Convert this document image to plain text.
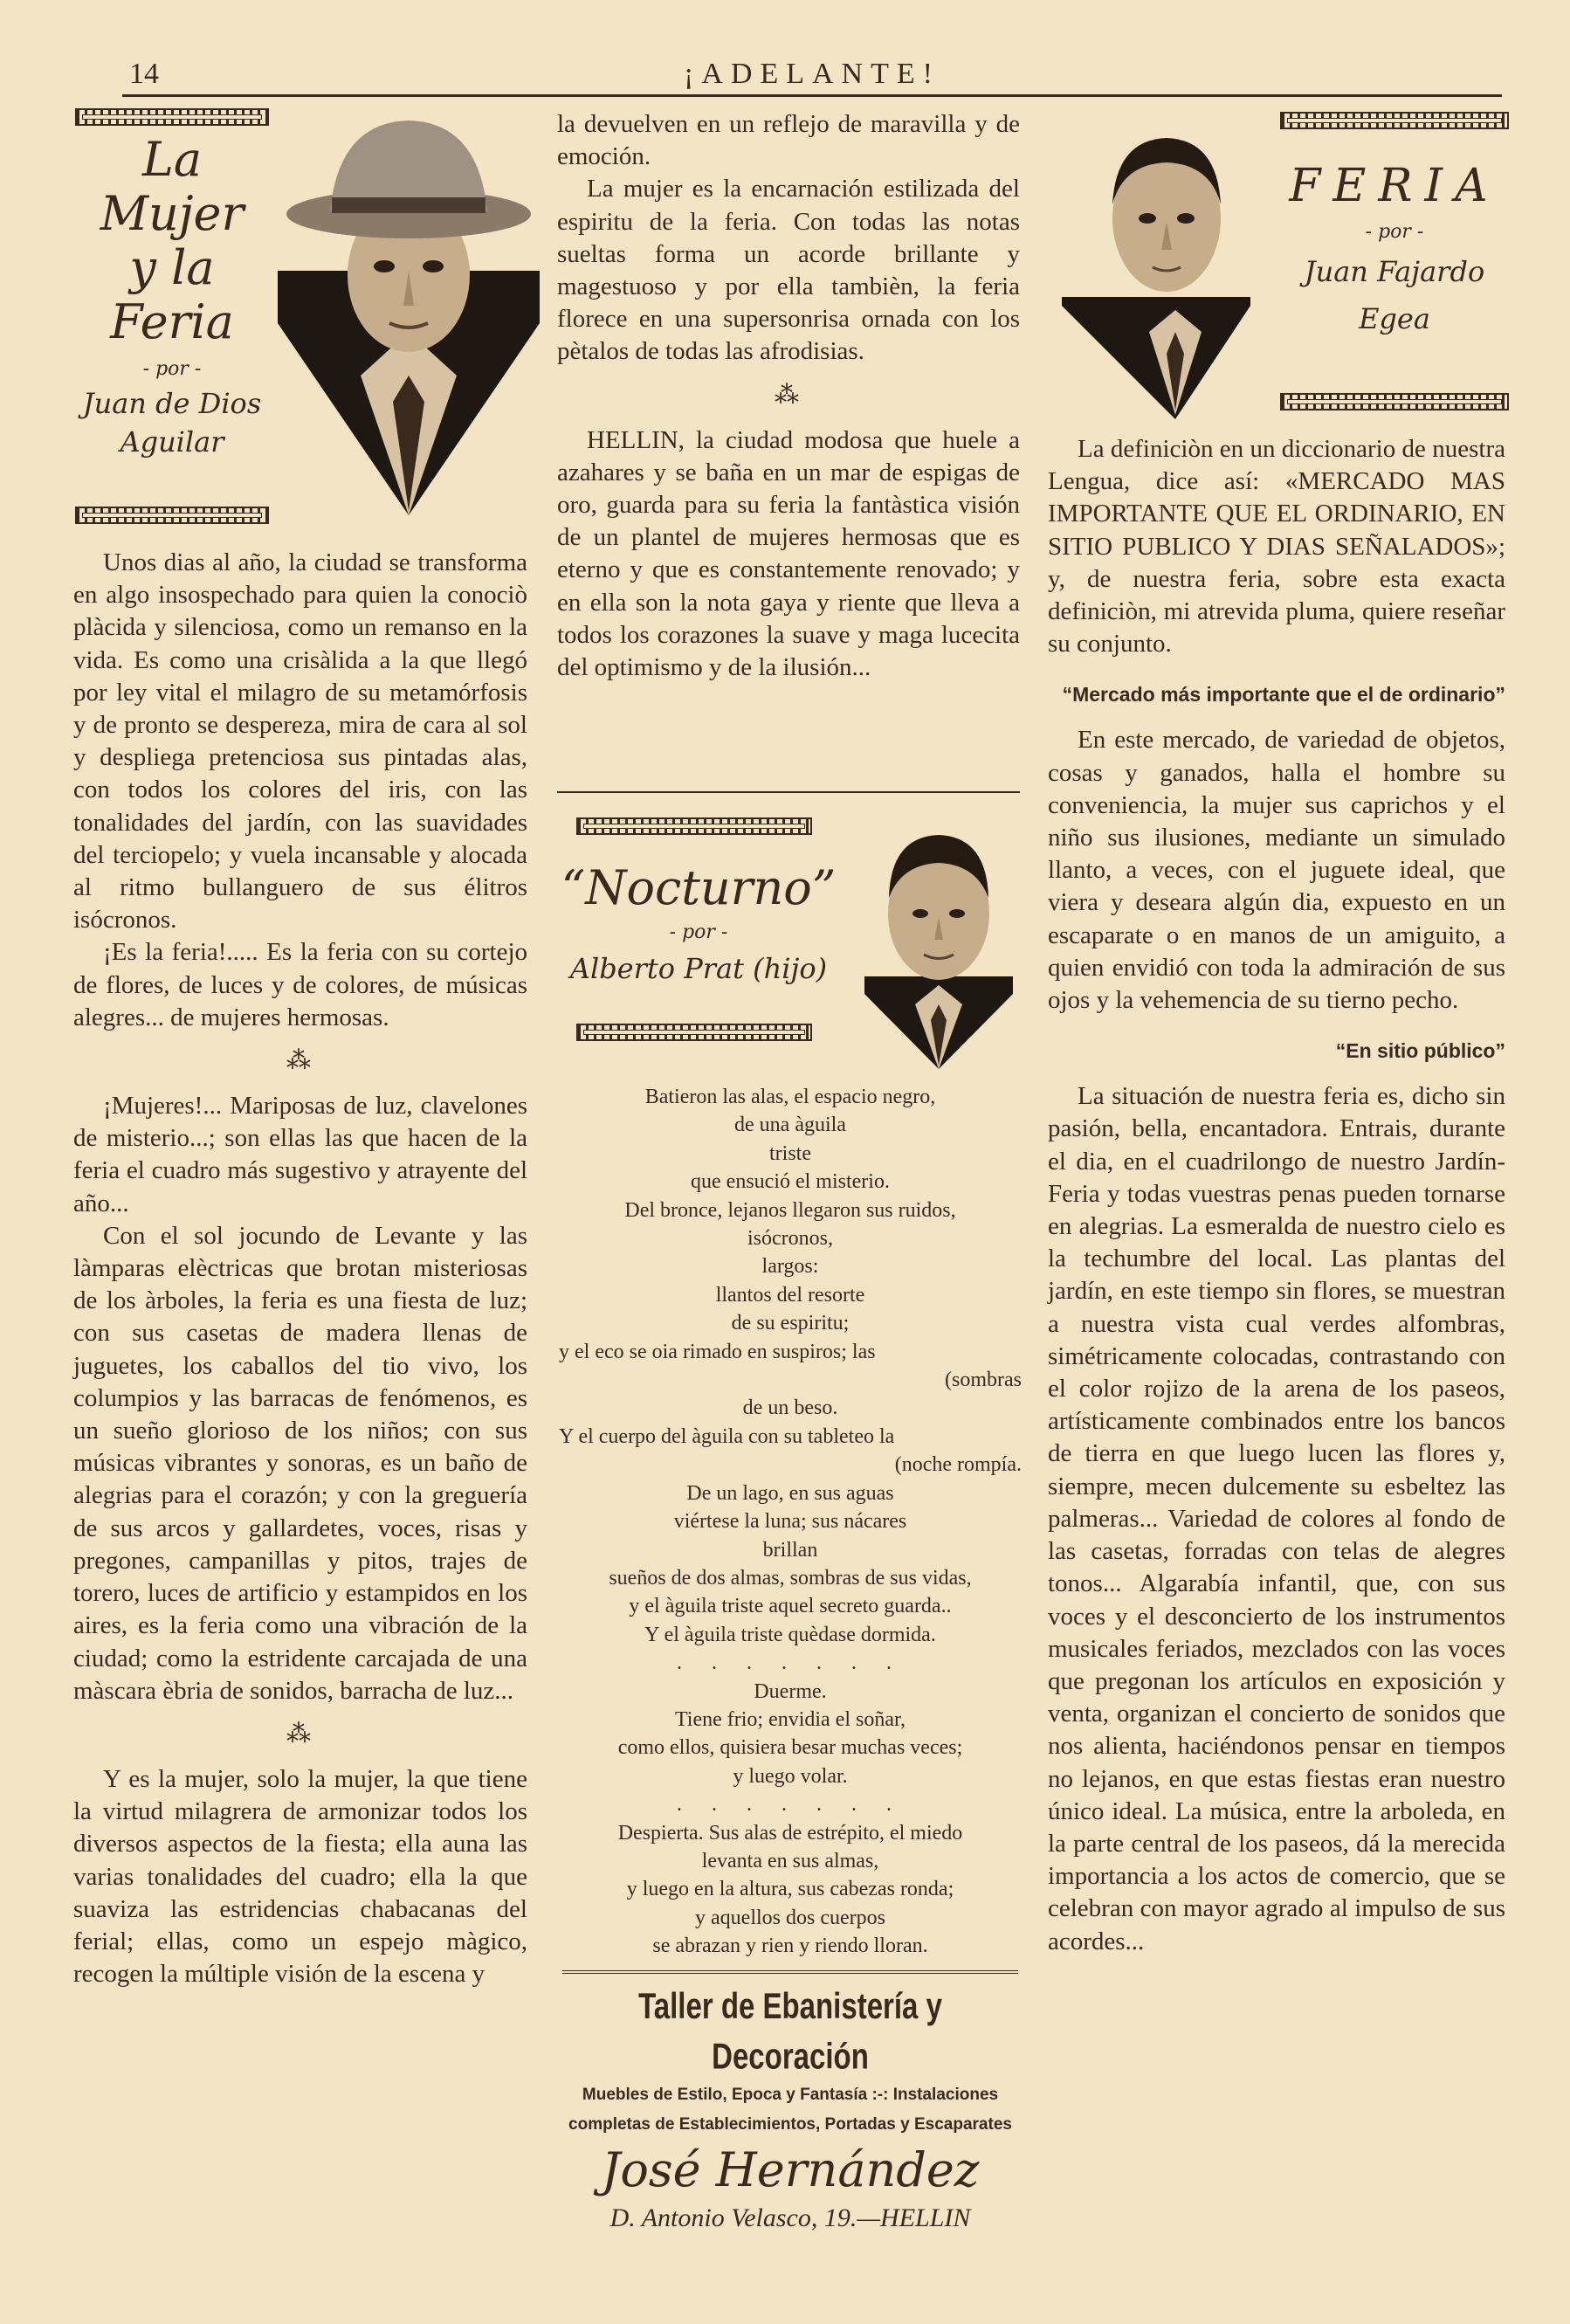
14	¡ADELANTE!
La
Mujer
y la
Feria
- por -
Juan de Dios
Aguilar

Unos dias al año, la ciudad se transforma en algo insospechado para quien la conociò plàcida y silenciosa, como un remanso en la vida. Es como una crisàlida a la que llegó por ley vital el milagro de su metamórfosis y de pronto se despereza, mira de cara al sol y despliega pretenciosa sus pintadas alas, con todos los colores del iris, con las tonalidades del jardín, con las suavidades del terciopelo; y vuela incansable y alocada al ritmo bullanguero de sus élitros isócronos.

¡Es la feria!..... Es la feria con su cortejo de flores, de luces y de colores, de músicas alegres... de mujeres hermosas.

⁂

¡Mujeres!... Mariposas de luz, clavelones de misterio...; son ellas las que hacen de la feria el cuadro más sugestivo y atrayente del año...

Con el sol jocundo de Levante y las làmparas elèctricas que brotan misteriosas de los àrboles, la feria es una fiesta de luz; con sus casetas de madera llenas de juguetes, los caballos del tio vivo, los columpios y las barracas de fenómenos, es un sueño glorioso de los niños; con sus músicas vibrantes y sonoras, es un baño de alegrias para el corazón; y con la greguería de sus arcos y gallardetes, voces, risas y pregones, campanillas y pitos, trajes de torero, luces de artificio y estampidos en los aires, es la feria como una vibración de la ciudad; como la estridente carcajada de una màscara èbria de sonidos, barracha de luz...

⁂

Y es la mujer, solo la mujer, la que tiene la virtud milagrera de armonizar todos los diversos aspectos de la fiesta; ella auna las varias tonalidades del cuadro; ella la que suaviza las estridencias chabacanas del ferial; ellas, como un espejo màgico, recogen la múltiple visión de la escena y

la devuelven en un reflejo de maravilla y de emoción.

La mujer es la encarnación estilizada del espiritu de la feria. Con todas las notas sueltas forma un acorde brillante y magestuoso y por ella tambièn, la feria florece en una supersonrisa ornada con los pètalos de todas las afrodisias.

⁂

HELLIN, la ciudad modosa que huele a azahares y se baña en un mar de espigas de oro, guarda para su feria la fantàstica visión de un plantel de mujeres hermosas que es eterno y que es constantemente renovado; y en ella son la nota gaya y riente que lleva a todos los corazones la suave y maga lucecita del optimismo y de la ilusión...

“Nocturno”
- por -
Alberto Prat (hijo)
Batieron las alas, el espacio negro,
de una àguila
triste
que ensució el misterio.
Del bronce, lejanos llegaron sus ruidos,
isócronos,
largos:
llantos del resorte
de su espiritu;
y el eco se oia rimado en suspiros; las
(sombras
de un beso.
Y el cuerpo del àguila con su tableteo la
(noche rompía.
De un lago, en sus aguas
viértese la luna; sus nácares
brillan
sueños de dos almas, sombras de sus vidas,
y el àguila triste aquel secreto guarda..
Y el àguila triste quèdase dormida.
. . . . . . .
Duerme.
Tiene frio; envidia el soñar,
como ellos, quisiera besar muchas veces;
y luego volar.
. . . . . . .
Despierta. Sus alas de estrépito, el miedo
levanta en sus almas,
y luego en la altura, sus cabezas ronda;
y aquellos dos cuerpos
se abrazan y rien y riendo lloran.
Taller de Ebanistería y Decoración
Muebles de Estilo, Epoca y Fantasía :-: Instalaciones
completas de Establecimientos, Portadas y Escaparates
José Hernández
D. Antonio Velasco, 19.—HELLIN
FERIA
- por -
Juan Fajardo
Egea

La definiciòn en un diccionario de nuestra Lengua, dice así: «MERCADO MAS IMPORTANTE QUE EL ORDINARIO, EN SITIO PUBLICO Y DIAS SEÑALADOS»; y, de nuestra feria, sobre esta exacta definiciòn, mi atrevida pluma, quiere reseñar su conjunto.

“Mercado más importante que el de ordinario”

En este mercado, de variedad de objetos, cosas y ganados, halla el hombre su conveniencia, la mujer sus caprichos y el niño sus ilusiones, mediante un simulado llanto, a veces, con el juguete ideal, que viera y deseara algún dia, expuesto en un escaparate o en manos de un amiguito, a quien envidió con toda la admiración de sus ojos y la vehemencia de su tierno pecho.

“En sitio público”

La situación de nuestra feria es, dicho sin pasión, bella, encantadora. Entrais, durante el dia, en el cuadrilongo de nuestro Jardín-Feria y todas vuestras penas pueden tornarse en alegrias. La esmeralda de nuestro cielo es la techumbre del local. Las plantas del jardín, en este tiempo sin flores, se muestran a nuestra vista cual verdes alfombras, simétricamente colocadas, contrastando con el color rojizo de la arena de los paseos, artísticamente combinados entre los bancos de tierra en que luego lucen las flores y, siempre, mecen dulcemente su esbeltez las palmeras... Variedad de colores al fondo de las casetas, forradas con telas de alegres tonos... Algarabía infantil, que, con sus voces y el desconcierto de los instrumentos musicales feriados, mezclados con las voces que pregonan los artículos en exposición y venta, organizan el concierto de sonidos que nos alienta, haciéndonos pensar en tiempos no lejanos, en que estas fiestas eran nuestro único ideal. La música, entre la arboleda, en la parte central de los paseos, dá la merecida importancia a los actos de comercio, que se celebran con mayor agrado al impulso de sus acordes...
